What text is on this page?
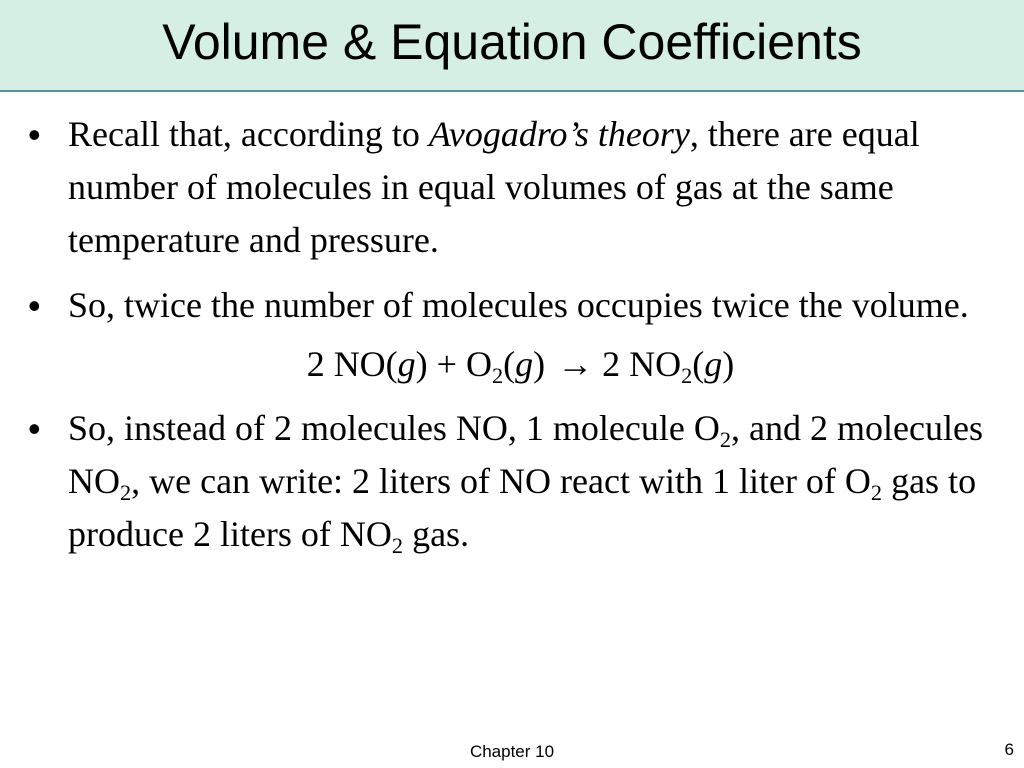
Volume & Equation Coefficients
• Recall that, according to Avogadro’s theory, there are equal number of molecules in equal volumes of gas at the same temperature and pressure.
• So, twice the number of molecules occupies twice the volume.
2 $NO(g) + O_2(g) \to 2$ $NO_2(g)$
• So, instead of 2 molecules NO, 1 molecule $O_2$, and 2 molecules $NO_2$, we can write: 2 liters of NO react with 1 liter of $O_2$ gas to produce 2 liters of $NO_2$ gas.
Chapter 10	6
